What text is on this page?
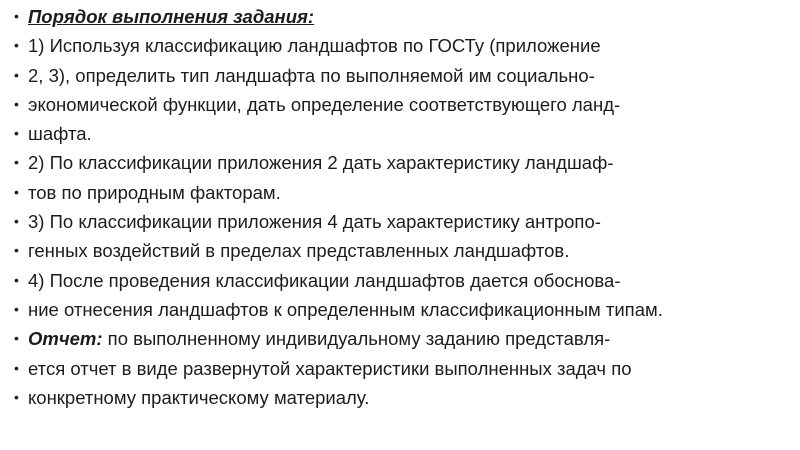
• Порядок выполнения задания:
• 1) Используя классификацию ландшафтов по ГОСТу (приложение
• 2, 3), определить тип ландшафта по выполняемой им социально-
• экономической функции, дать определение соответствующего ланд-
• шафта.
• 2) По классификации приложения 2 дать характеристику ландшаф-
• тов по природным факторам.
• 3) По классификации приложения 4 дать характеристику антропо-
• генных воздействий в пределах представленных ландшафтов.
• 4) После проведения классификации ландшафтов дается обоснова-
• ние отнесения ландшафтов к определенным классификационным типам.
• Отчет: по выполненному индивидуальному заданию представля-
• ется отчет в виде развернутой характеристики выполненных задач по
• конкретному практическому материалу.
